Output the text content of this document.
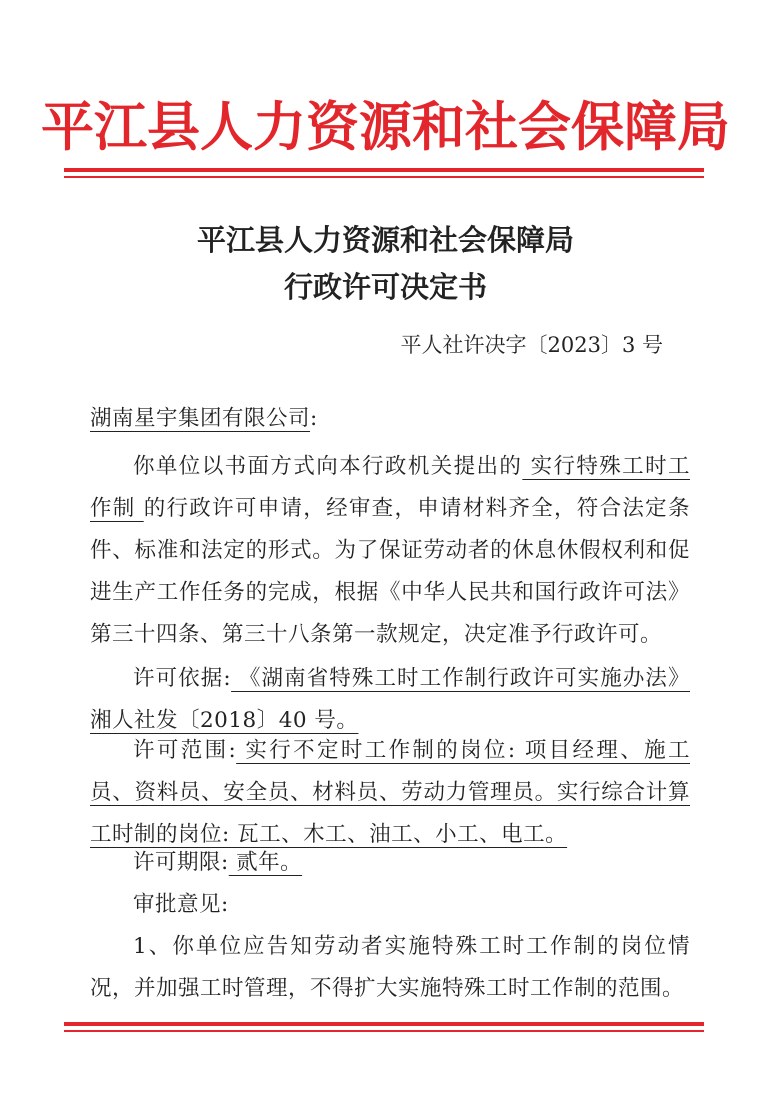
平江县人力资源和社会保障局
平江县人力资源和社会保障局
行政许可决定书
平人社许决字〔2023〕3 号
湖南星宇集团有限公司:
你单位以书面方式向本行政机关提出的 实行特殊工时工作制 的行政许可申请，经审查，申请材料齐全，符合法定条件、标准和法定的形式。为了保证劳动者的休息休假权利和促进生产工作任务的完成，根据《中华人民共和国行政许可法》第三十四条、第三十八条第一款规定，决定准予行政许可。
许可依据: 《湖南省特殊工时工作制行政许可实施办法》湘人社发〔2018〕40 号。
许可范围: 实行不定时工作制的岗位: 项目经理、施工员、资料员、安全员、材料员、劳动力管理员。实行综合计算工时制的岗位: 瓦工、木工、油工、小工、电工。
许可期限: 贰年。
审批意见:
1、你单位应告知劳动者实施特殊工时工作制的岗位情况，并加强工时管理，不得扩大实施特殊工时工作制的范围。
